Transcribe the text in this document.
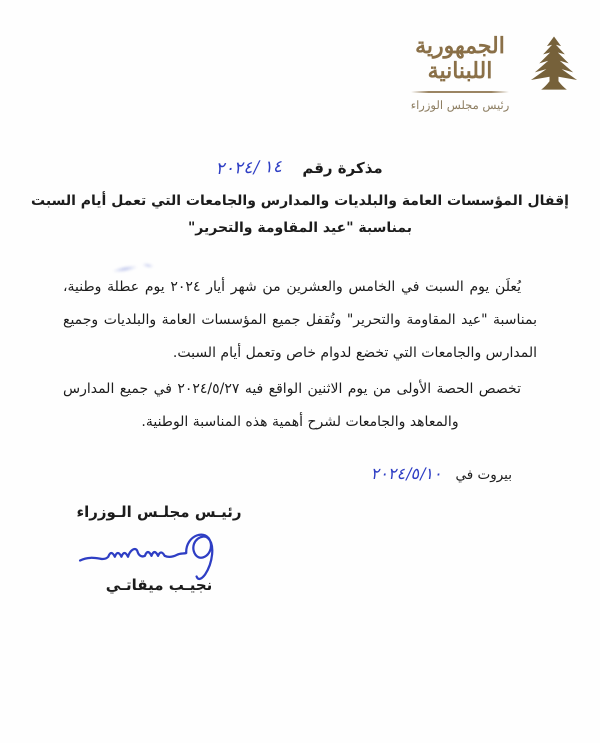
الجمهورية
اللبنانية
رئيس مجلس الوزراء
مذكرة رقم ٢٠٢٤/ ١٤
إقفال المؤسسات العامة والبلديات والمدارس والجامعات التي تعمل أيام السبت
بمناسبة "عيد المقاومة والتحرير"

يُعلَن يوم السبت في الخامس والعشرين من شهر أيار ٢٠٢٤ يوم عطلة وطنية، بمناسبة "عيد المقاومة والتحرير" وتُقفل جميع المؤسسات العامة والبلديات وجميع المدارس والجامعات التي تخضع لدوام خاص وتعمل أيام السبت.

تخصص الحصة الأولى من يوم الاثنين الواقع فيه ٢٠٢٤/٥/٢٧ في جميع المدارس والمعاهد والجامعات لشرح أهمية هذه المناسبة الوطنية.

بيروت في ٢٠٢٤/٥/١٠
رئيـس مجلـس الـوزراء
نجيـب ميقاتـي
